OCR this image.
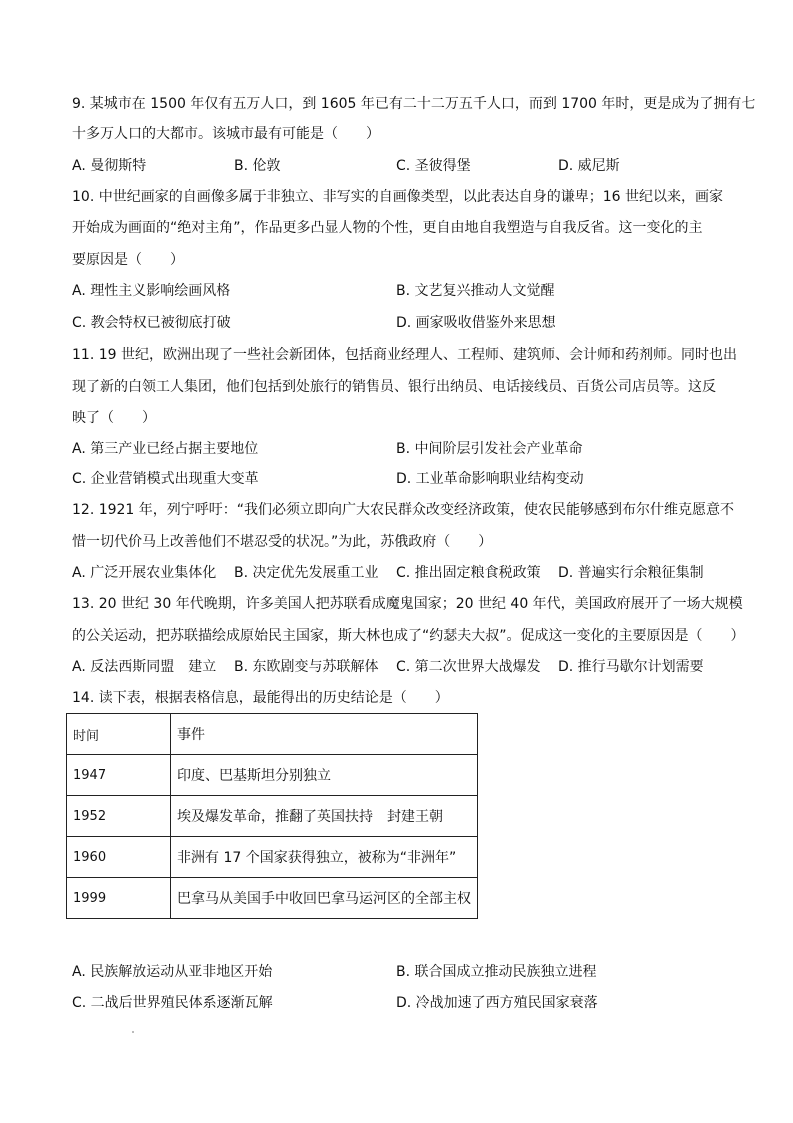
9. 某城市在 1500 年仅有五万人口，到 1605 年已有二十二万五千人口，而到 1700 年时，更是成为了拥有七
十多万人口的大都市。该城市最有可能是（　　）
A. 曼彻斯特	B. 伦敦	C. 圣彼得堡	D. 威尼斯
10. 中世纪画家的自画像多属于非独立、非写实的自画像类型，以此表达自身的谦卑；16 世纪以来，画家
开始成为画面的“绝对主角”，作品更多凸显人物的个性，更自由地自我塑造与自我反省。这一变化的主
要原因是（　　）
A. 理性主义影响绘画风格	B. 文艺复兴推动人文觉醒
C. 教会特权已被彻底打破	D. 画家吸收借鉴外来思想
11. 19 世纪，欧洲出现了一些社会新团体，包括商业经理人、工程师、建筑师、会计师和药剂师。同时也出
现了新的白领工人集团，他们包括到处旅行的销售员、银行出纳员、电话接线员、百货公司店员等。这反
映了（　　）
A. 第三产业已经占据主要地位	B. 中间阶层引发社会产业革命
C. 企业营销模式出现重大变革	D. 工业革命影响职业结构变动
12. 1921 年，列宁呼吁：“我们必须立即向广大农民群众改变经济政策，使农民能够感到布尔什维克愿意不
惜一切代价马上改善他们不堪忍受的状况。”为此，苏俄政府（　　）
A. 广泛开展农业集体化 B. 决定优先发展重工业 C. 推出固定粮食税政策 D. 普遍实行余粮征集制
13. 20 世纪 30 年代晚期，许多美国人把苏联看成魔鬼国家；20 世纪 40 年代，美国政府展开了一场大规模
的公关运动，把苏联描绘成原始民主国家，斯大林也成了“约瑟夫大叔”。促成这一变化的主要原因是（　　）
A. 反法西斯同盟　建立 B. 东欧剧变与苏联解体 C. 第二次世界大战爆发 D. 推行马歇尔计划需要
14. 读下表，根据表格信息，最能得出的历史结论是（　　）
时间	事件
1947	印度、巴基斯坦分别独立
1952	埃及爆发革命，推翻了英国扶持　封建王朝
1960	非洲有 17 个国家获得独立，被称为“非洲年”
1999	巴拿马从美国手中收回巴拿马运河区的全部主权
A. 民族解放运动从亚非地区开始	B. 联合国成立推动民族独立进程
C. 二战后世界殖民体系逐渐瓦解	D. 冷战加速了西方殖民国家衰落
